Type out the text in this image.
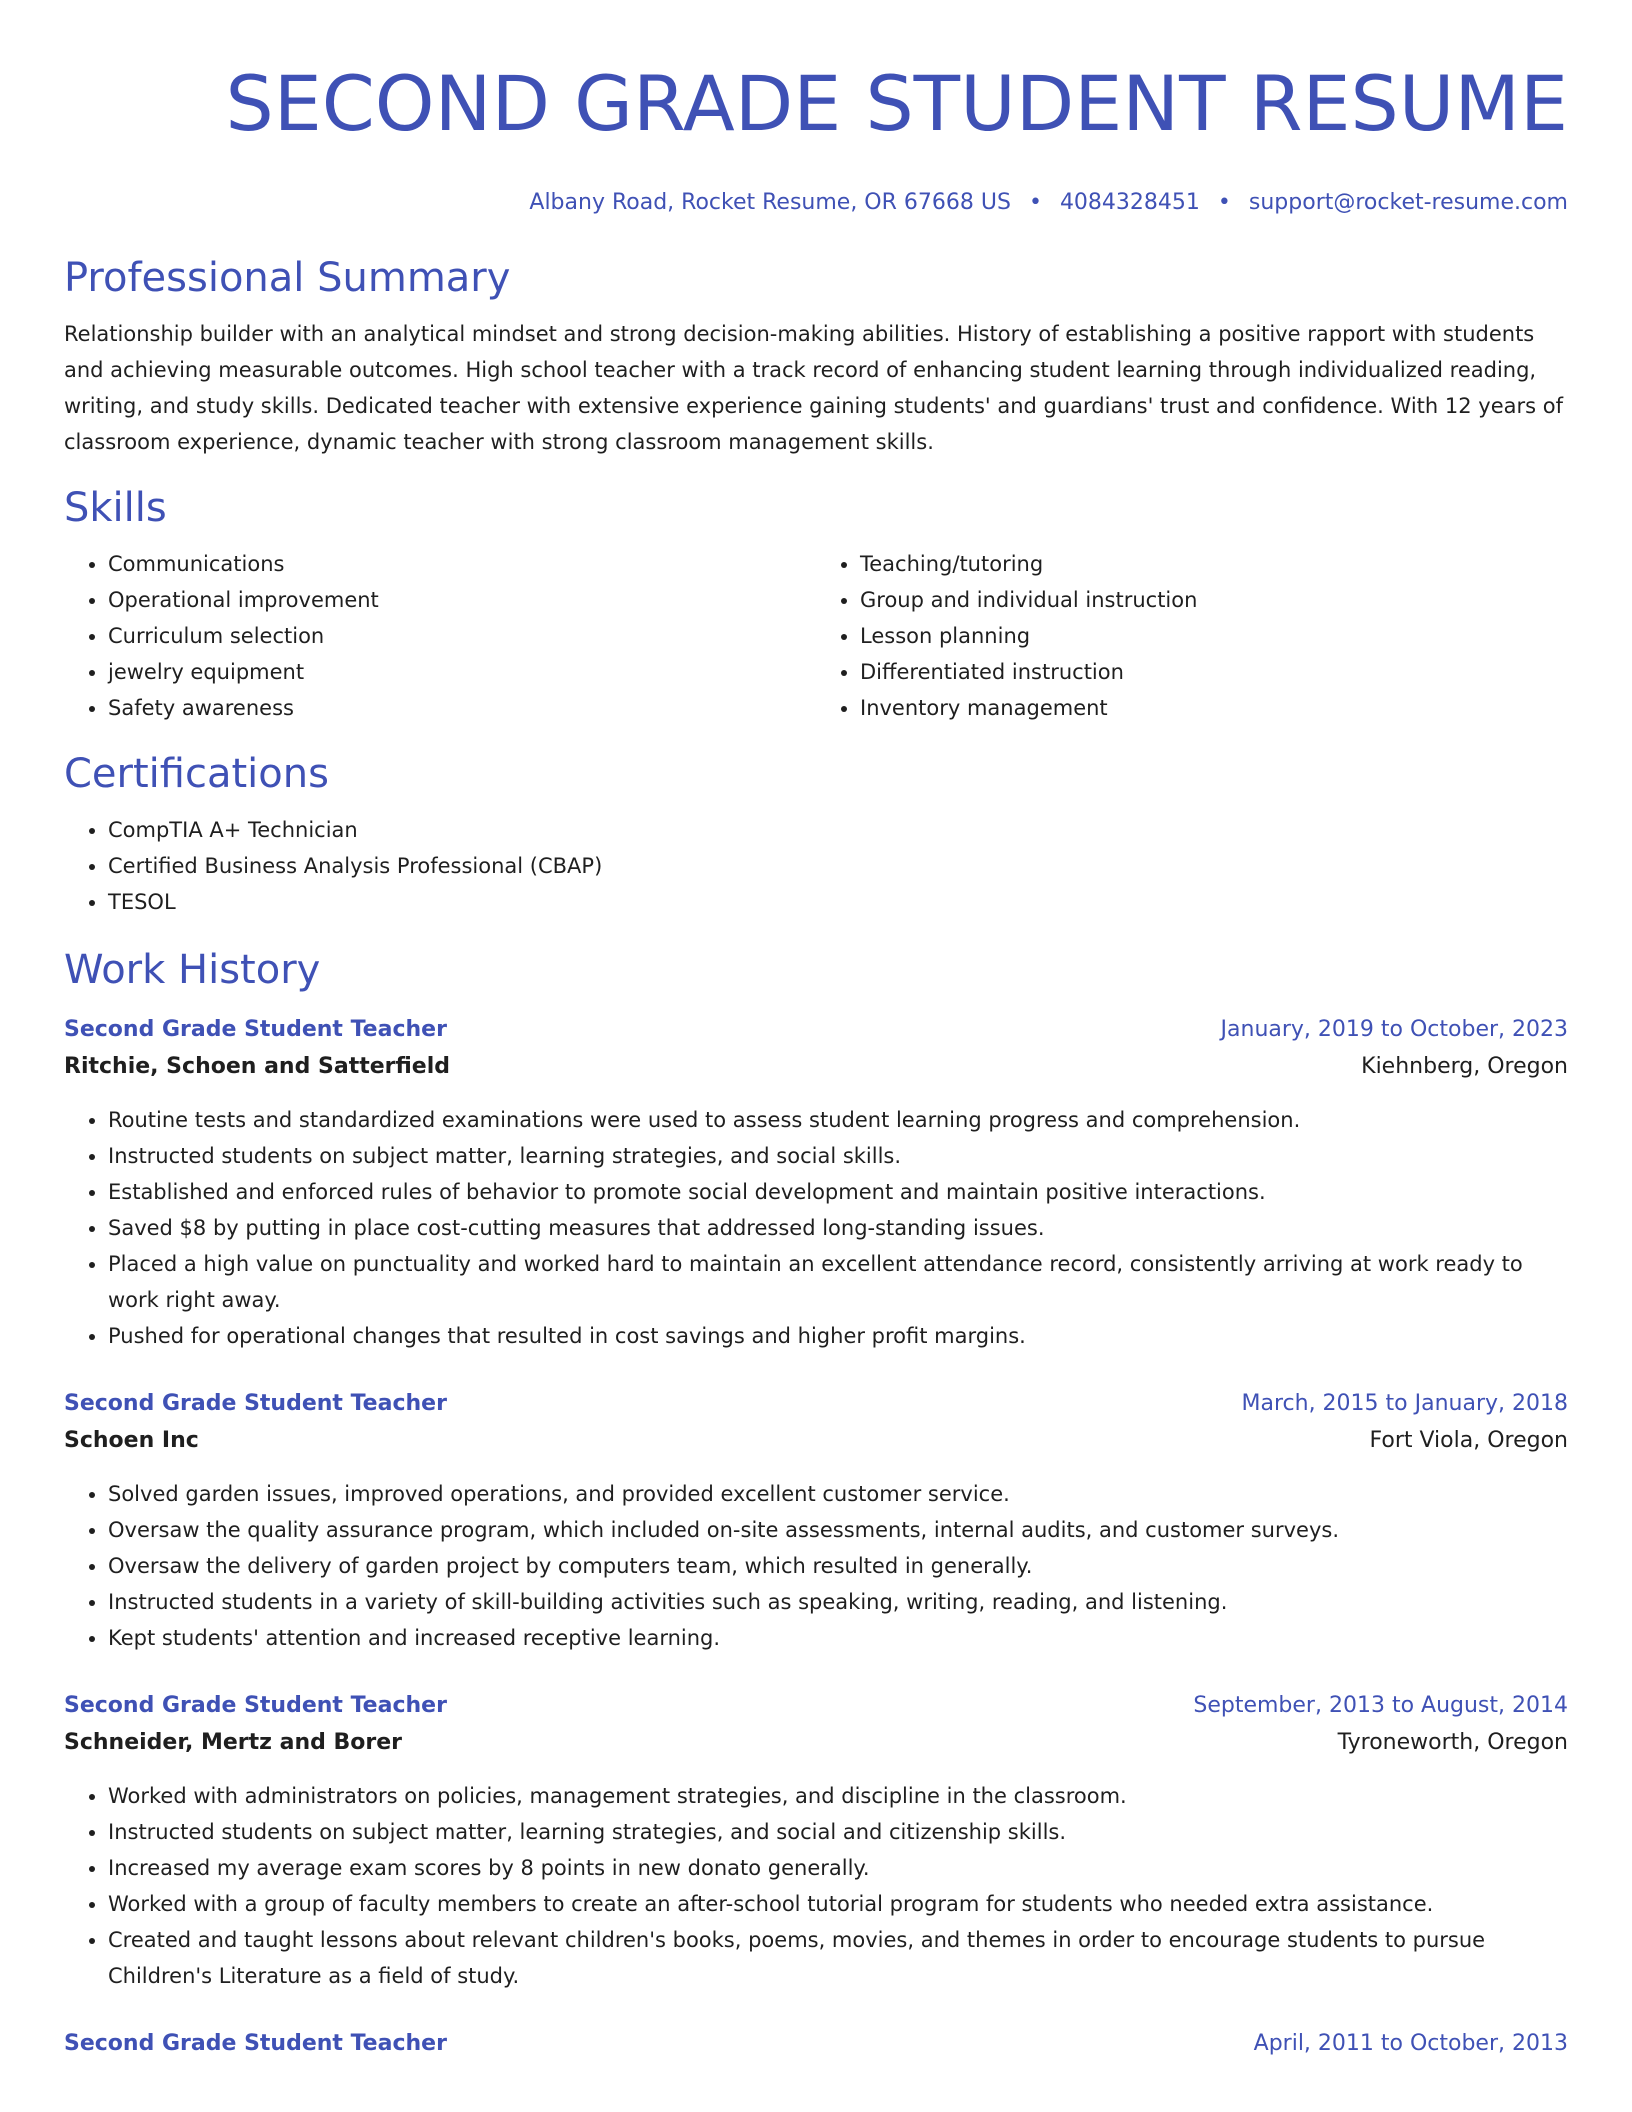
SECOND GRADE STUDENT RESUME
Albany Road, Rocket Resume, OR 67668 US • 4084328451 • support@rocket-resume.com
Professional Summary

Relationship builder with an analytical mindset and strong decision-making abilities. History of establishing a positive rapport with students and achieving measurable outcomes. High school teacher with a track record of enhancing student learning through individualized reading, writing, and study skills. Dedicated teacher with extensive experience gaining students' and guardians' trust and confidence. With 12 years of classroom experience, dynamic teacher with strong classroom management skills.

Skills
• Communications
• Operational improvement
• Curriculum selection
• jewelry equipment
• Safety awareness
• Teaching/tutoring
• Group and individual instruction
• Lesson planning
• Differentiated instruction
• Inventory management
Certifications
• CompTIA A+ Technician
• Certified Business Analysis Professional (CBAP)
• TESOL
Work History
Second Grade Student Teacher	January, 2019 to October, 2023
Ritchie, Schoen and Satterfield	Kiehnberg, Oregon
• Routine tests and standardized examinations were used to assess student learning progress and comprehension.
• Instructed students on subject matter, learning strategies, and social skills.
• Established and enforced rules of behavior to promote social development and maintain positive interactions.
• Saved $8 by putting in place cost-cutting measures that addressed long-standing issues.
• Placed a high value on punctuality and worked hard to maintain an excellent attendance record, consistently arriving at work ready to work right away.
• Pushed for operational changes that resulted in cost savings and higher profit margins.
Second Grade Student Teacher	March, 2015 to January, 2018
Schoen Inc	Fort Viola, Oregon
• Solved garden issues, improved operations, and provided excellent customer service.
• Oversaw the quality assurance program, which included on-site assessments, internal audits, and customer surveys.
• Oversaw the delivery of garden project by computers team, which resulted in generally.
• Instructed students in a variety of skill-building activities such as speaking, writing, reading, and listening.
• Kept students' attention and increased receptive learning.
Second Grade Student Teacher	September, 2013 to August, 2014
Schneider, Mertz and Borer	Tyroneworth, Oregon
• Worked with administrators on policies, management strategies, and discipline in the classroom.
• Instructed students on subject matter, learning strategies, and social and citizenship skills.
• Increased my average exam scores by 8 points in new donato generally.
• Worked with a group of faculty members to create an after-school tutorial program for students who needed extra assistance.
• Created and taught lessons about relevant children's books, poems, movies, and themes in order to encourage students to pursue Children's Literature as a field of study.
Second Grade Student Teacher	April, 2011 to October, 2013
